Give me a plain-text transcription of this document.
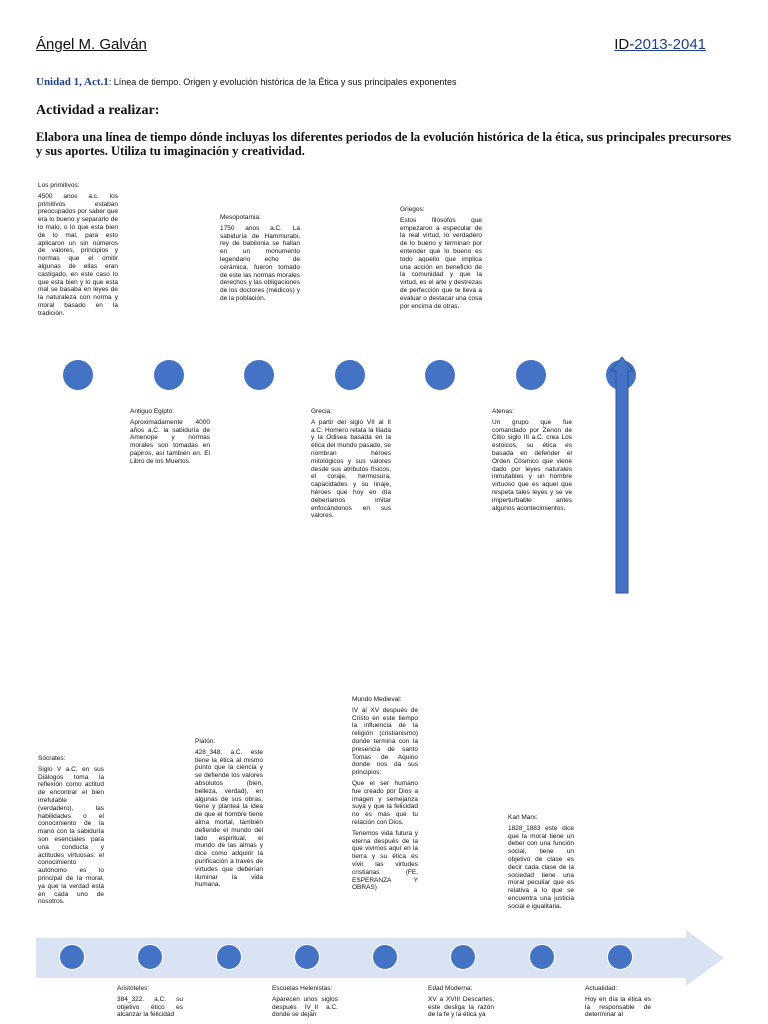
Ángel M. Galván	ID-2013-2041
Unidad 1, Act.1: Línea de tiempo. Origen y evolución histórica de la Ética y sus principales exponentes
Actividad a realizar:
Elabora una línea de tiempo dónde incluyas los diferentes periodos de la evolución histórica de la ética, sus principales precursores y sus aportes. Utiliza tu imaginación y creatividad.
Los primitivos:
4500 anos a.c. los primitivos estaban preocupados por saber que era lo bueno y separarlo de lo malo, o lo que esta bien de lo mal, para esto aplicaron un sin números de valores, principios y normas que el omitir algunas de ellas eran castigado, en este caso lo que esta bien y lo que esta mal se basaba en leyes de la naturaleza con norma y moral basado en la tradición.
Mesopotamia:
1750 anos a.C. La sabiduría de Hammurabi, rey de babilonia se hallan en un monumento legendario echo de cerámica, fueron tomado de este las normas morales derechos y las obligaciones de los doctores (médicos) y de la población.
Griegos:
Estos filósofos que empezaron a especular de la real virtud, lo verdadero de lo bueno y terminan por entender que lo bueno es todo aquello que implica una acción en beneficio de la comunidad y que la virtud, es el arte y destrezas de perfección que te lleva a evaluar o destacar una cosa por encima de otras.
Antiguo Egipto:
Aproximadamente 4000 años a,C. la sabiduría de Amenope y normas morales son tomadas en papiros, así también en. El Libro de los Muertos.
Grecia:
A partir del siglo VII al II a.C. Homero relata la Iliada y la Odisea basada en la ética del mundo pasado, se nombran héroes mitológicos y sus valores desde sus atributos físicos, el coraje, hermosura, capacidades y su linaje, héroes que hoy en día deberíamos imitar enfocándonos en sus valores.
Atenas:
Un grupo que fue comandado por Zenón de Citio siglo III a.C. crea Los estoicos, su ética es basada en defender el Orden Cósmico que viene dado por leyes naturales inmutables y un hombre virtuoso que es aquel que respeta tales leyes y se ve imperturbable antes algunos acontecimientos.
Sócrates:
Siglo V a.C. en sus Diálogos toma la reflexión como actitud de encontrar el bien irrefutable (verdadero), las habilidades o el conocimiento de la mano con la sabiduría son esenciales para una conducta y actitudes virtuosas: el conocimiento autónomo es lo principal de la moral, ya que la verdad está en cada uno de nosotros.
Platón:
428_348. a.C. este tiene la ética al mismo punto que la ciencia y se defiende los valores absolutos (bien, belleza, verdad), en algunas de sus obras, tiene y plantea la idea de que el hombre tiene alma mortal, también defiende el mundo del lado espiritual, el mundo de las almas y dice como adquirir la purificación a través de virtudes que deberían iluminar la vida humana.
Mundo Medieval:
IV al XV después de Cristo en este tiempo la influencia de la religión (cristianismo) donde termina con la presencia de santo Tomas de Aquino donde nos da sus principios:
Que el ser humano fue creado por Dios a imagen y semejanza suya y que la felicidad no es más que tu relación con Dios.
Tenemos vida futura y eterna después de la que vivimos aquí en la tierra y su ética es vivir las virtudes cristianas (FE, ESPERANZA Y OBRAS)
Karl Marx:
1828_1883 este dice que la moral tiene un deber con una función social, tiene un objetivo de clase es decir cada clase de la sociedad tiene una moral peculiar que es relativa a lo que se encuentra una justicia social e igualitaria.
Aristóteles:
384_322. a.C. su objetivo ético es alcanzar la felicidad
Escuelas Helenistas:
Aparecen unos siglos después IV_II a.C. donde se dejan
Edad Moderna:
XV a XVIII Descartes, este desliga la razón de la fe y la ética ya
Actualidad:
Hoy en día la ética es la responsable de determinar al
